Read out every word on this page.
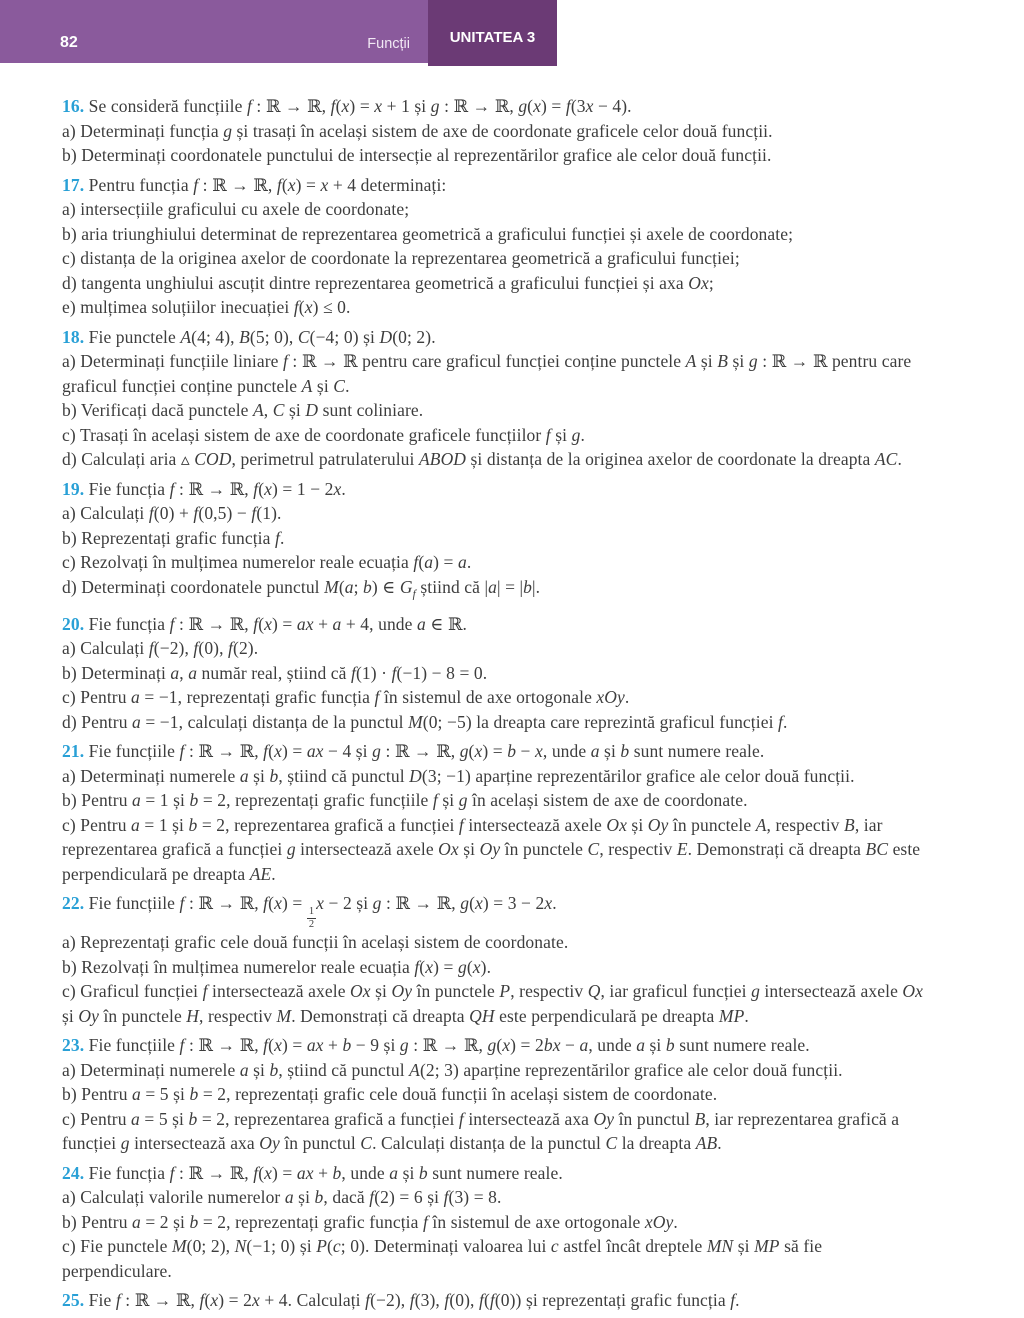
82	Funcții	UNITATEA 3

16. Se consideră funcțiile f : ℝ → ℝ, f(x) = x + 1 și g : ℝ → ℝ, g(x) = f(3x − 4).

a) Determinați funcția g și trasați în același sistem de axe de coordonate graficele celor două funcții.

b) Determinați coordonatele punctului de intersecție al reprezentărilor grafice ale celor două funcții.

17. Pentru funcția f : ℝ → ℝ, f(x) = x + 4 determinați:

a) intersecțiile graficului cu axele de coordonate;

b) aria triunghiului determinat de reprezentarea geometrică a graficului funcției și axele de coordonate;

c) distanța de la originea axelor de coordonate la reprezentarea geometrică a graficului funcției;

d) tangenta unghiului ascuțit dintre reprezentarea geometrică a graficului funcției și axa Ox;

e) mulțimea soluțiilor inecuației f(x) ≤ 0.

18. Fie punctele A(4; 4), B(5; 0), C(−4; 0) și D(0; 2).

a) Determinați funcțiile liniare f : ℝ → ℝ pentru care graficul funcției conține punctele A și B și g : ℝ → ℝ pentru care graficul funcției conține punctele A și C.

b) Verificați dacă punctele A, C și D sunt coliniare.

c) Trasați în același sistem de axe de coordonate graficele funcțiilor f și g.

d) Calculați aria ▵ COD, perimetrul patrulaterului ABOD și distanța de la originea axelor de coordonate la dreapta AC.

19. Fie funcția f : ℝ → ℝ, f(x) = 1 − 2x.

a) Calculați f(0) + f(0,5) − f(1).

b) Reprezentați grafic funcția f.

c) Rezolvați în mulțimea numerelor reale ecuația f(a) = a.

d) Determinați coordonatele punctul M(a; b) ∈ $G_f$ știind că |a| = |b|.

20. Fie funcția f : ℝ → ℝ, f(x) = ax + a + 4, unde a ∈ ℝ.

a) Calculați f(−2), f(0), f(2).

b) Determinați a, a număr real, știind că f(1) · f(−1) − 8 = 0.

c) Pentru a = −1, reprezentați grafic funcția f în sistemul de axe ortogonale xOy.

d) Pentru a = −1, calculați distanța de la punctul M(0; −5) la dreapta care reprezintă graficul funcției f.

21. Fie funcțiile f : ℝ → ℝ, f(x) = ax − 4 și g : ℝ → ℝ, g(x) = b − x, unde a și b sunt numere reale.

a) Determinați numerele a și b, știind că punctul D(3; −1) aparține reprezentărilor grafice ale celor două funcții.

b) Pentru a = 1 și b = 2, reprezentați grafic funcțiile f și g în același sistem de axe de coordonate.

c) Pentru a = 1 și b = 2, reprezentarea grafică a funcției f intersectează axele Ox și Oy în punctele A, respectiv B, iar reprezentarea grafică a funcției g intersectează axele Ox și Oy în punctele C, respectiv E. Demonstrați că dreapta BC este perpendiculară pe dreapta AE.

22. Fie funcțiile f : ℝ → ℝ, f(x) =
$\frac{1}{2}$
x − 2 și g : ℝ → ℝ, g(x) = 3 − 2x.

a) Reprezentați grafic cele două funcții în același sistem de coordonate.

b) Rezolvați în mulțimea numerelor reale ecuația f(x) = g(x).

c) Graficul funcției f intersectează axele Ox și Oy în punctele P, respectiv Q, iar graficul funcției g intersectează axele Ox și Oy în punctele H, respectiv M. Demonstrați că dreapta QH este perpendiculară pe dreapta MP.

23. Fie funcțiile f : ℝ → ℝ, f(x) = ax + b − 9 și g : ℝ → ℝ, g(x) = 2bx − a, unde a și b sunt numere reale.

a) Determinați numerele a și b, știind că punctul A(2; 3) aparține reprezentărilor grafice ale celor două funcții.

b) Pentru a = 5 și b = 2, reprezentați grafic cele două funcții în același sistem de coordonate.

c) Pentru a = 5 și b = 2, reprezentarea grafică a funcției f intersectează axa Oy în punctul B, iar reprezentarea grafică a funcției g intersectează axa Oy în punctul C. Calculați distanța de la punctul C la dreapta AB.

24. Fie funcția f : ℝ → ℝ, f(x) = ax + b, unde a și b sunt numere reale.

a) Calculați valorile numerelor a și b, dacă f(2) = 6 și f(3) = 8.

b) Pentru a = 2 și b = 2, reprezentați grafic funcția f în sistemul de axe ortogonale xOy.

c) Fie punctele M(0; 2), N(−1; 0) și P(c; 0). Determinați valoarea lui c astfel încât dreptele MN și MP să fie perpendiculare.

25. Fie f : ℝ → ℝ, f(x) = 2x + 4. Calculați f(−2), f(3), f(0), f(f(0)) și reprezentați grafic funcția f.
